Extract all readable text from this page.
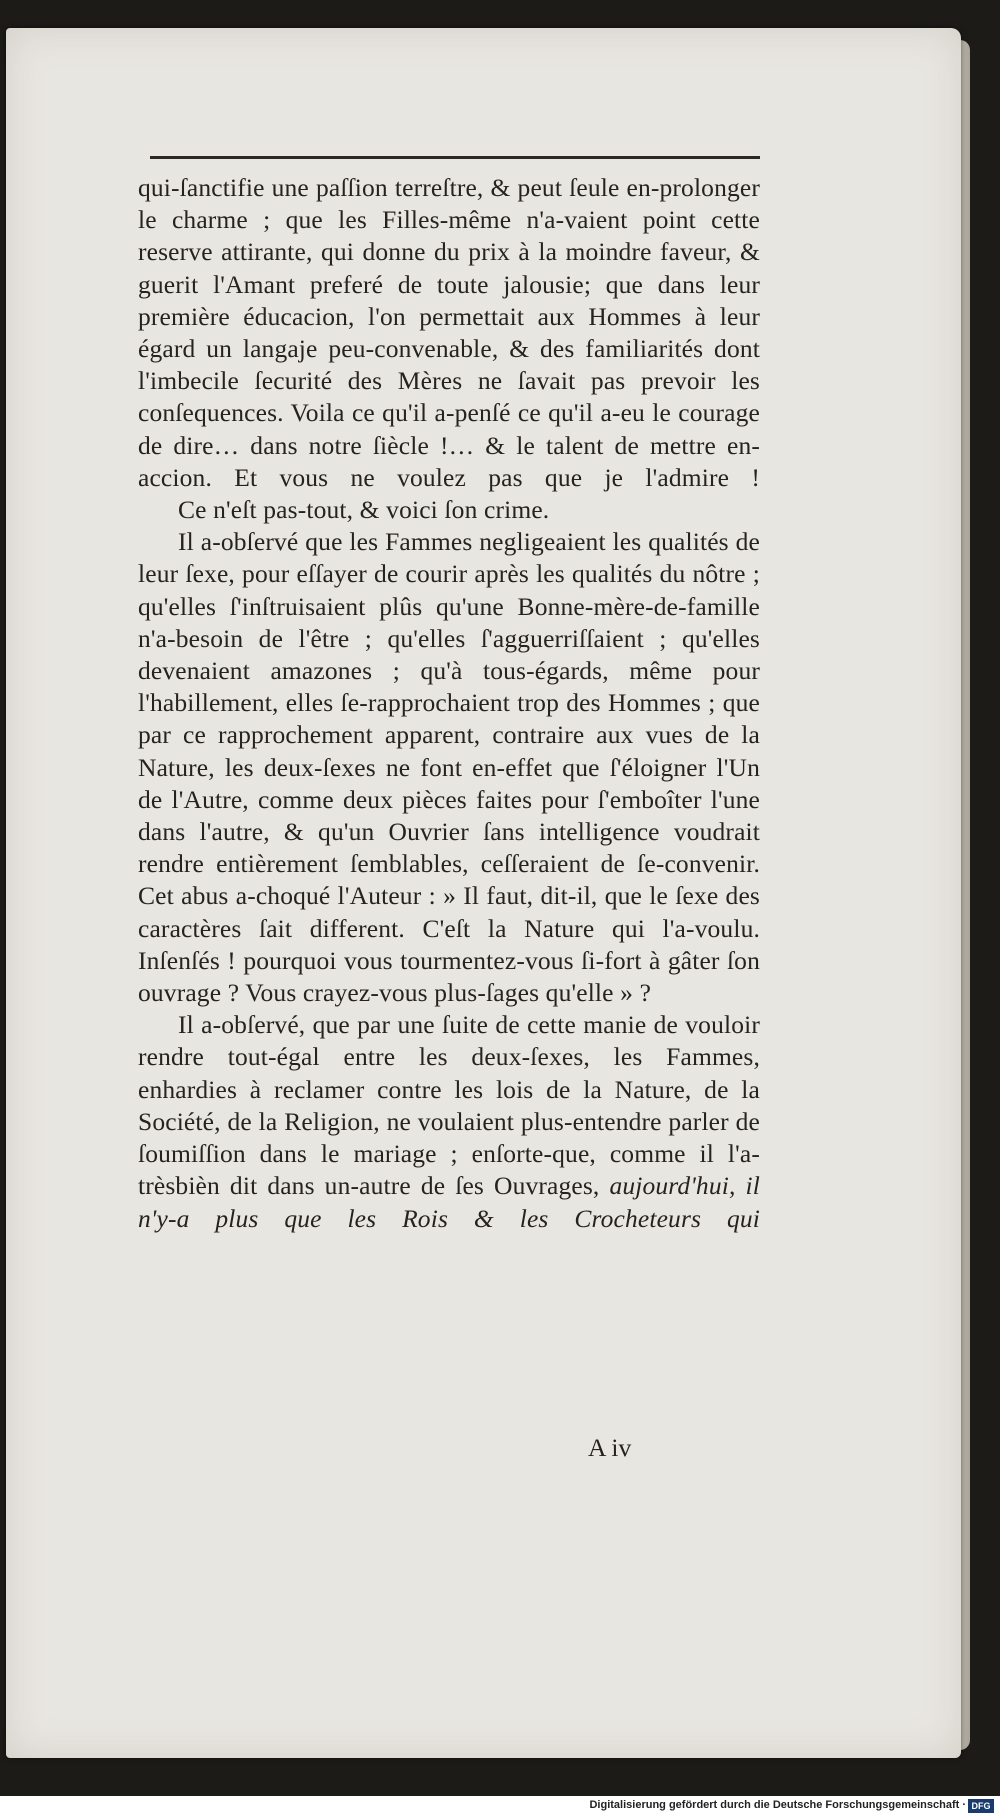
qui-ſanctifie une paſſion terreſtre, & peut ſeule en-prolonger le charme ; que les Filles-même n'a-vaient point cette reserve attirante, qui donne du prix à la moindre faveur, & guerit l'Amant preferé de toute jalousie; que dans leur première éducacion, l'on permettait aux Hommes à leur égard un langaje peu-convenable, & des familiarités dont l'imbecile ſecurité des Mères ne ſavait pas prevoir les conſequences. Voila ce qu'il a-penſé ce qu'il a-eu le courage de dire… dans notre ſiècle !… & le talent de mettre en-accion. Et vous ne voulez pas que je l'admire !

Ce n'eſt pas-tout, & voici ſon crime.

Il a-obſervé que les Fammes negligeaient les qualités de leur ſexe, pour eſſayer de courir après les qualités du nôtre ; qu'elles ſ'inſtruisaient plûs qu'une Bonne-mère-de-famille n'a-besoin de l'être ; qu'elles ſ'agguerriſſaient ; qu'elles devenaient amazones ; qu'à tous-égards, même pour l'habillement, elles ſe-rapprochaient trop des Hommes ; que par ce rapprochement apparent, contraire aux vues de la Nature, les deux-ſexes ne font en-effet que ſ'éloigner l'Un de l'Autre, comme deux pièces faites pour ſ'emboîter l'une dans l'autre, & qu'un Ouvrier ſans intelligence voudrait rendre entièrement ſemblables, ceſſeraient de ſe-convenir. Cet abus a-choqué l'Auteur : » Il faut, dit-il, que le ſexe des caractères ſait different. C'eſt la Nature qui l'a-voulu. Inſenſés ! pourquoi vous tourmentez-vous ſi-fort à gâter ſon ouvrage ? Vous crayez-vous plus-ſages qu'elle » ?

Il a-obſervé, que par une ſuite de cette manie de vouloir rendre tout-égal entre les deux-ſexes, les Fammes, enhardies à reclamer contre les lois de la Nature, de la Société, de la Religion, ne voulaient plus-entendre parler de ſoumiſſion dans le mariage ; enſorte-que, comme il l'a-trèsbièn dit dans un-autre de ſes Ouvrages, aujourd'hui, il n'y-a plus que les Rois & les Crocheteurs qui

A iv
Digitalisierung gefördert durch die Deutsche Forschungsgemeinschaft · DFG
